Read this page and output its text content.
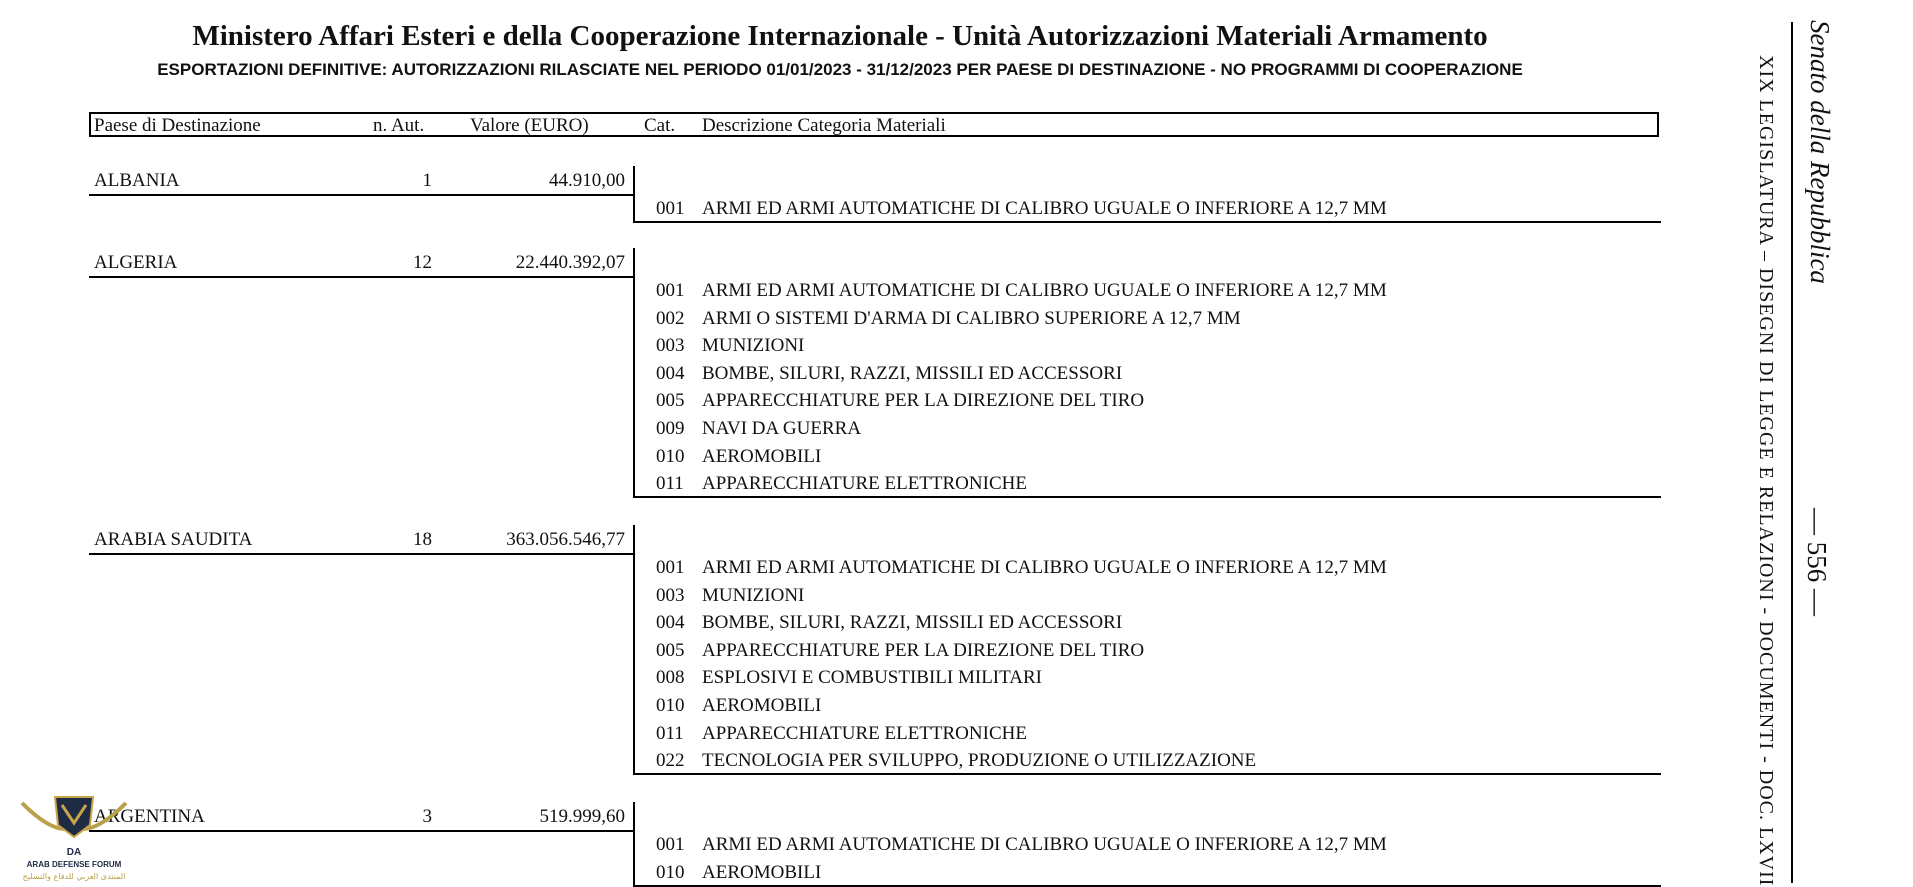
Ministero Affari Esteri e della Cooperazione Internazionale - Unità Autorizzazioni Materiali Armamento
ESPORTAZIONI DEFINITIVE: AUTORIZZAZIONI RILASCIATE NEL PERIODO 01/01/2023 - 31/12/2023 PER PAESE DI DESTINAZIONE - NO PROGRAMMI DI COOPERAZIONE
Paese di Destinazione	n. Aut. Valore (EURO)	Cat. Descrizione Categoria Materiali
ALBANIA	1	44.910,00
001 ARMI ED ARMI AUTOMATICHE DI CALIBRO UGUALE O INFERIORE A 12,7 MM
ALGERIA	12	22.440.392,07
001 ARMI ED ARMI AUTOMATICHE DI CALIBRO UGUALE O INFERIORE A 12,7 MM
002 ARMI O SISTEMI D'ARMA DI CALIBRO SUPERIORE A 12,7 MM
003 MUNIZIONI
004 BOMBE, SILURI, RAZZI, MISSILI ED ACCESSORI
005 APPARECCHIATURE PER LA DIREZIONE DEL TIRO
009 NAVI DA GUERRA
010 AEROMOBILI
011 APPARECCHIATURE ELETTRONICHE
ARABIA SAUDITA	18	363.056.546,77
001 ARMI ED ARMI AUTOMATICHE DI CALIBRO UGUALE O INFERIORE A 12,7 MM
003 MUNIZIONI
004 BOMBE, SILURI, RAZZI, MISSILI ED ACCESSORI
005 APPARECCHIATURE PER LA DIREZIONE DEL TIRO
008 ESPLOSIVI E COMBUSTIBILI MILITARI
010 AEROMOBILI
011 APPARECCHIATURE ELETTRONICHE
022 TECNOLOGIA PER SVILUPPO, PRODUZIONE O UTILIZZAZIONE
ARGENTINA	3	519.999,60
001 ARMI ED ARMI AUTOMATICHE DI CALIBRO UGUALE O INFERIORE A 12,7 MM
010 AEROMOBILI
Senato della Repubblica
— 556 —
XIX LEGISLATURA – DISEGNI DI LEGGE E RELAZIONI - DOCUMENTI - DOC. LXVII
DA
ARAB DEFENSE FORUM
المنتدى العربي للدفاع والتسليح
